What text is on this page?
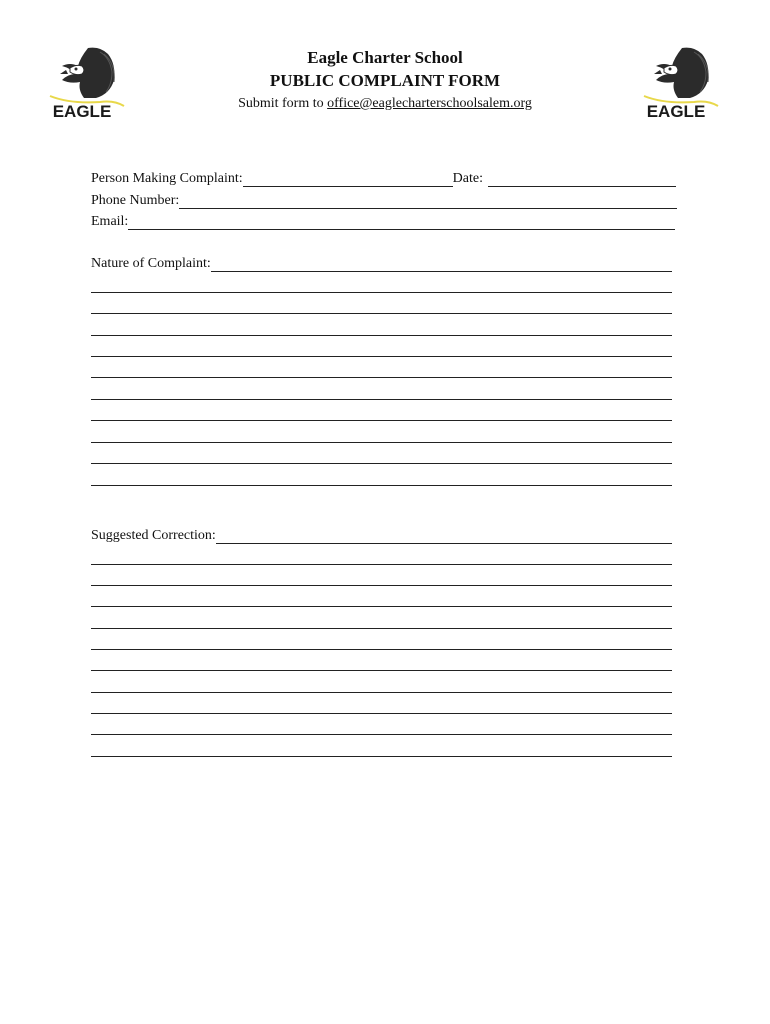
EAGLE	EAGLE
Eagle Charter School
PUBLIC COMPLAINT FORM
Submit form to office@eaglecharterschoolsalem.org
Person Making Complaint:	Date:
Phone Number:
Email:
Nature of Complaint:
Suggested Correction:
